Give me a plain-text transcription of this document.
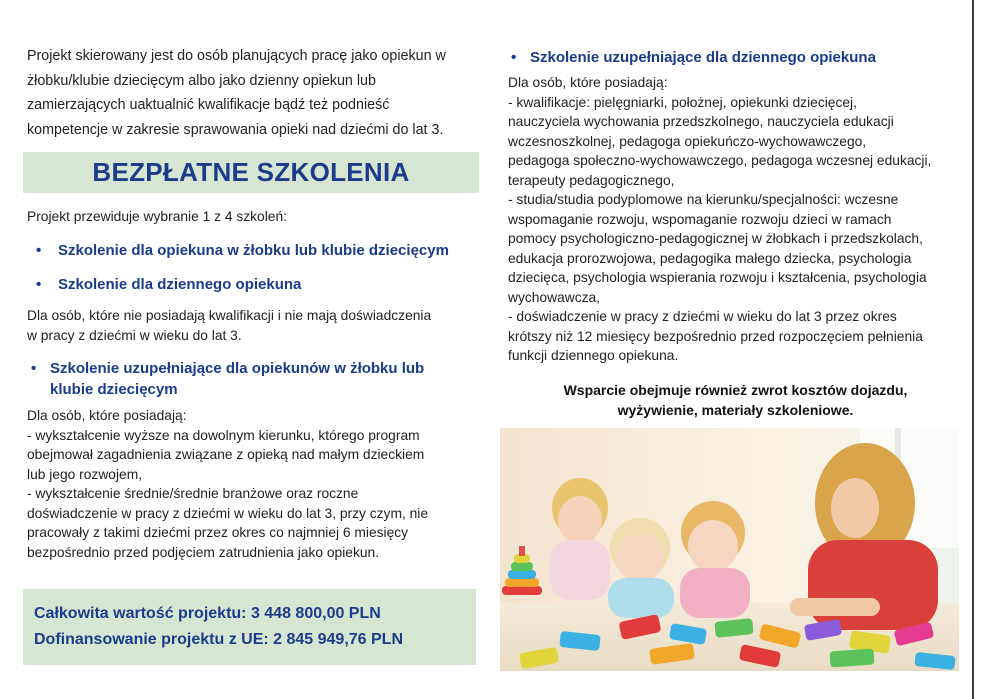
Projekt skierowany jest do osób planujących pracę jako opiekun w
żłobku/klubie dziecięcym albo jako dzienny opiekun lub
zamierzających uaktualnić kwalifikacje bądź też podnieść
kompetencje w zakresie sprawowania opieki nad dziećmi do lat 3.
BEZPŁATNE SZKOLENIA
Projekt przewiduje wybranie 1 z 4 szkoleń:
•	Szkolenie dla opiekuna w żłobku lub klubie dziecięcym
•	Szkolenie dla dziennego opiekuna
Dla osób, które nie posiadają kwalifikacji i nie mają doświadczenia
w pracy z dziećmi w wieku do lat 3.
• Szkolenie uzupełniające dla opiekunów w żłobku lub
klubie dziecięcym
Dla osób, które posiadają:
- wykształcenie wyższe na dowolnym kierunku, którego program
obejmował zagadnienia związane z opieką nad małym dzieckiem
lub jego rozwojem,
- wykształcenie średnie/średnie branżowe oraz roczne
doświadczenie w pracy z dziećmi w wieku do lat 3, przy czym, nie
pracowały z takimi dziećmi przez okres co najmniej 6 miesięcy
bezpośrednio przed podjęciem zatrudnienia jako opiekun.
Całkowita wartość projektu: 3 448 800,00 PLN
Dofinansowanie projektu z UE: 2 845 949,76 PLN
• Szkolenie uzupełniające dla dziennego opiekuna
Dla osób, które posiadają:
- kwalifikacje: pielęgniarki, położnej, opiekunki dziecięcej,
nauczyciela wychowania przedszkolnego, nauczyciela edukacji
wczesnoszkolnej, pedagoga opiekuńczo-wychowawczego,
pedagoga społeczno-wychowawczego, pedagoga wczesnej edukacji,
terapeuty pedagogicznego,
- studia/studia podyplomowe na kierunku/specjalności: wczesne
wspomaganie rozwoju, wspomaganie rozwoju dzieci w ramach
pomocy psychologiczno-pedagogicznej w żłobkach i przedszkolach,
edukacja prorozwojowa, pedagogika małego dziecka, psychologia
dziecięca, psychologia wspierania rozwoju i kształcenia, psychologia
wychowawcza,
- doświadczenie w pracy z dziećmi w wieku do lat 3 przez okres
krótszy niż 12 miesięcy bezpośrednio przed rozpoczęciem pełnienia
funkcji dziennego opiekuna.
Wsparcie obejmuje również zwrot kosztów dojazdu,
wyżywienie, materiały szkoleniowe.
